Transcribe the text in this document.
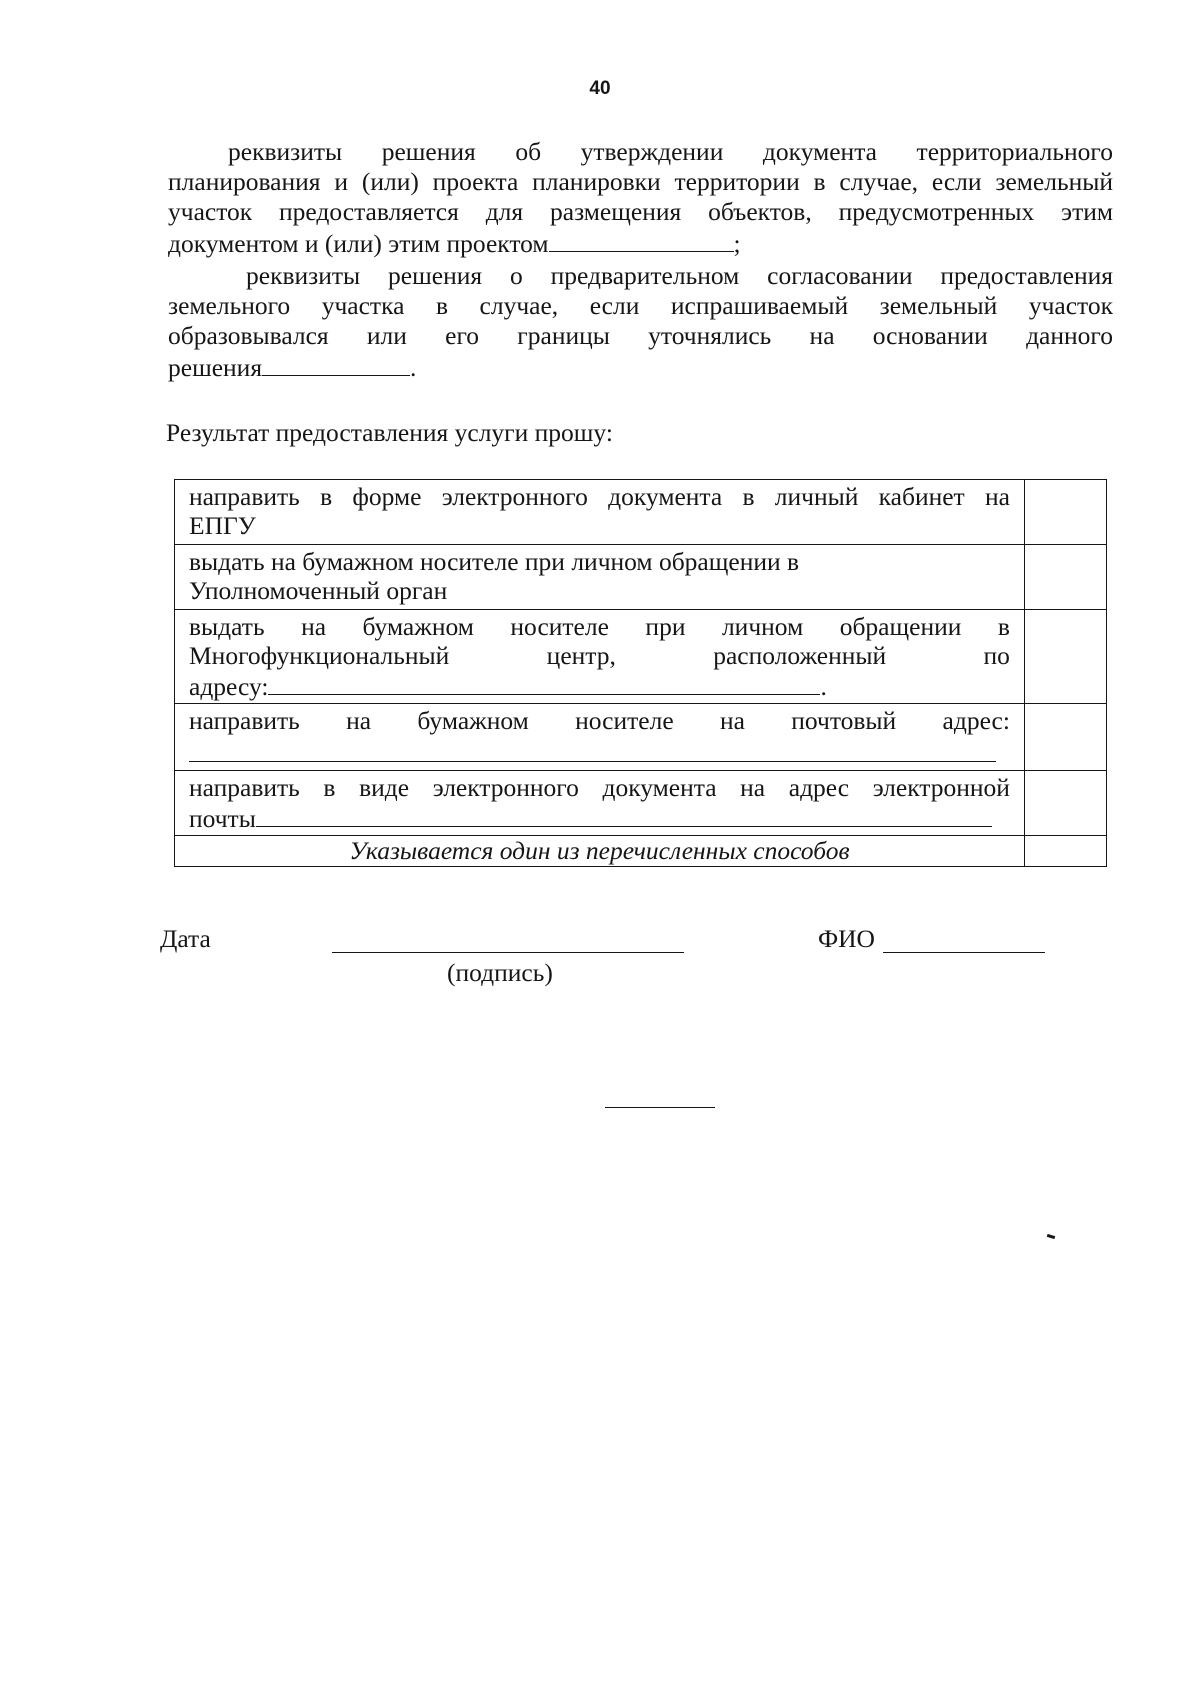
40
реквизиты решения об утверждении документа территориального
планирования и (или) проекта планировки территории в случае, если земельный
участок предоставляется для размещения объектов, предусмотренных этим
документом и (или) этим проектом	;
реквизиты решения о предварительном согласовании предоставления
земельного участка в случае, если испрашиваемый земельный участок
образовывался или его границы уточнялись на основании данного
решения	.
Результат предоставления услуги прошу:
направить в форме электронного документа в личный кабинет на
ЕПГУ	
выдать на бумажном носителе при личном обращении в
Уполномоченный орган	

выдать на бумажном носителе при личном обращении в
Многофункциональный центр, расположенный по
адресу: .	

направить на бумажном носителе на почтовый адрес:	

направить в виде электронного документа на адрес электронной
почты	
Указывается один из перечисленных способов	
Дата
(подпись)
ФИО
